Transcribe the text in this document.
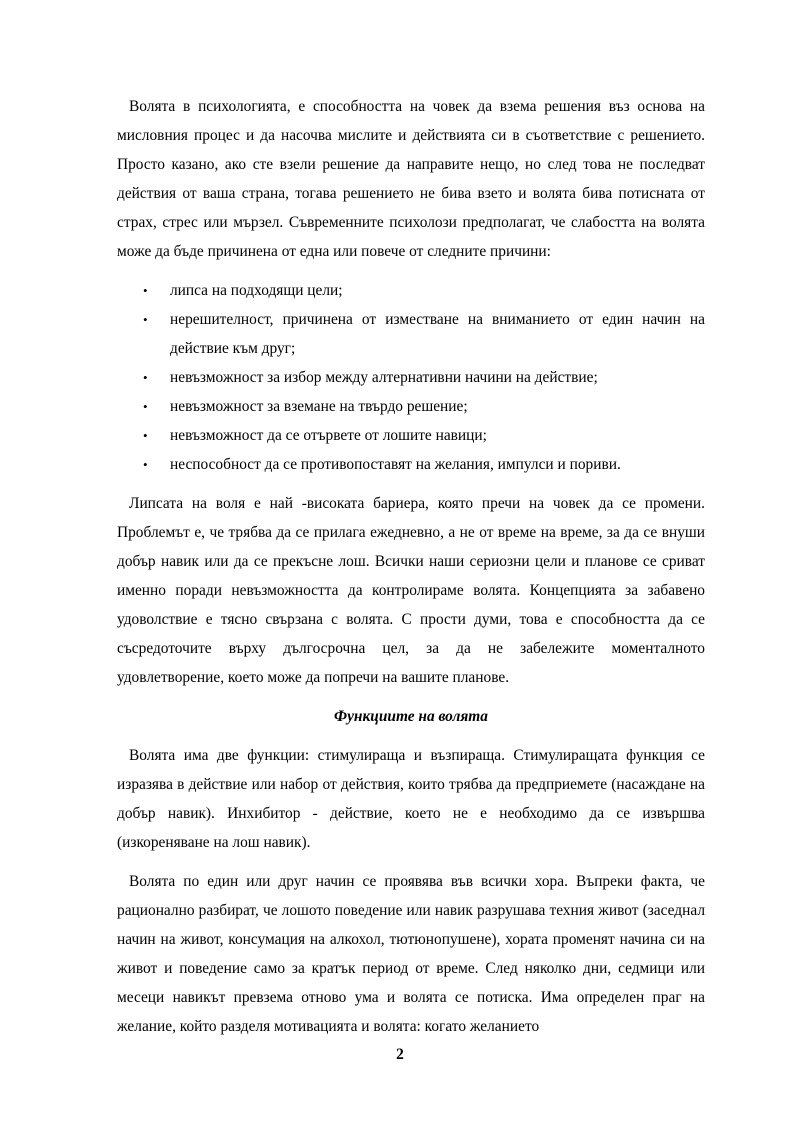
Волята в психологията, е способността на човек да взема решения въз основа на мисловния процес и да насочва мислите и действията си в съответствие с решението. Просто казано, ако сте взели решение да направите нещо, но след това не последват действия от ваша страна, тогава решението не бива взето и волята бива потисната от страх, стрес или мързел. Съвременните психолози предполагат, че слабостта на волята може да бъде причинена от една или повече от следните причини:

• липса на подходящи цели;
• нерешителност, причинена от изместване на вниманието от един начин на действие към друг;
• невъзможност за избор между алтернативни начини на действие;
• невъзможност за вземане на твърдо решение;
• невъзможност да се отървете от лошите навици;
• неспособност да се противопоставят на желания, импулси и пориви.

Липсата на воля е най -високата бариера, която пречи на човек да се промени. Проблемът е, че трябва да се прилага ежедневно, а не от време на време, за да се внуши добър навик или да се прекъсне лош. Всички наши сериозни цели и планове се сриват именно поради невъзможността да контролираме волята. Концепцията за забавено удоволствие е тясно свързана с волята. С прости думи, това е способността да се съсредоточите върху дългосрочна цел, за да не забележите моменталното удовлетворение, което може да попречи на вашите планове.

Функциите на волята

Волята има две функции: стимулираща и възпираща. Стимулиращата функция се изразява в действие или набор от действия, които трябва да предприемете (насаждане на добър навик). Инхибитор - действие, което не е необходимо да се извършва (изкореняване на лош навик).

Волята по един или друг начин се проявява във всички хора. Въпреки факта, че рационално разбират, че лошото поведение или навик разрушава техния живот (заседнал начин на живот, консумация на алкохол, тютюнопушене), хората променят начина си на живот и поведение само за кратък период от време. След няколко дни, седмици или месеци навикът превзема отново ума и волята се потиска. Има определен праг на желание, който разделя мотивацията и волята: когато желанието

2
